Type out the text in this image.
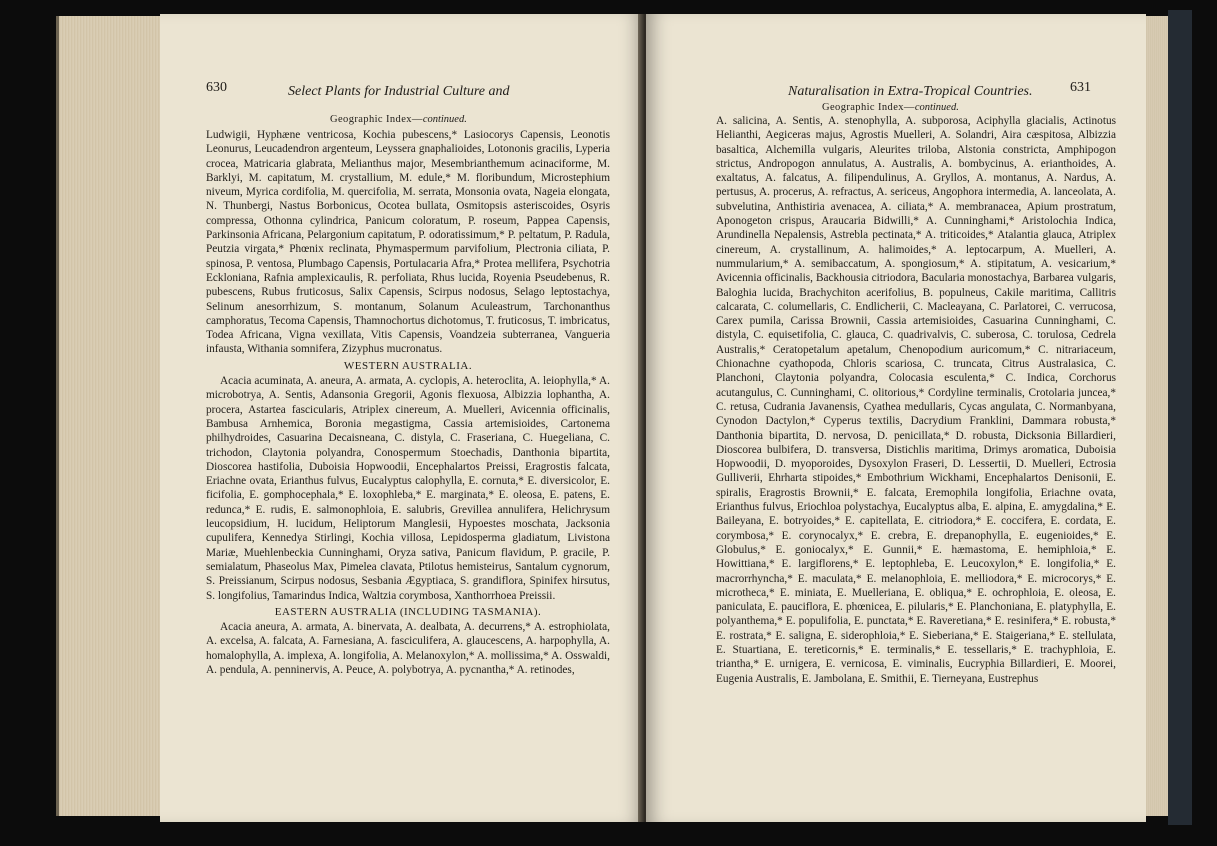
630	Select Plants for Industrial Culture and
Geographic Index—continued.

Ludwigii, Hyphæne ventricosa, Kochia pubescens,* Lasiocorys Capensis, Leonotis Leonurus, Leucadendron argenteum, Leyssera gnaphalioides, Lotononis gracilis, Lyperia crocea, Matricaria glabrata, Melianthus major, Mesembrianthemum acinaciforme, M. Barklyi, M. capitatum, M. crystallium, M. edule,* M. floribundum, Microstephium niveum, Myrica cordifolia, M. quercifolia, M. serrata, Monsonia ovata, Nageia elongata, N. Thunbergi, Nastus Borbonicus, Ocotea bullata, Osmitopsis asteriscoides, Osyris compressa, Othonna cylindrica, Panicum coloratum, P. roseum, Pappea Capensis, Parkinsonia Africana, Pelargonium capitatum, P. odoratissimum,* P. peltatum, P. Radula, Peutzia virgata,* Phœnix reclinata, Phymaspermum parvifolium, Plectronia ciliata, P. spinosa, P. ventosa, Plumbago Capensis, Portulacaria Afra,* Protea mellifera, Psychotria Eckloniana, Rafnia amplexicaulis, R. perfoliata, Rhus lucida, Royenia Pseudebenus, R. pubescens, Rubus fruticosus, Salix Capensis, Scirpus nodosus, Selago leptostachya, Selinum anesorrhizum, S. montanum, Solanum Aculeastrum, Tarchonanthus camphoratus, Tecoma Capensis, Thamnochortus dichotomus, T. fruticosus, T. imbricatus, Todea Africana, Vigna vexillata, Vitis Capensis, Voandzeia subterranea, Vangueria infausta, Withania somnifera, Zizyphus mucronatus.

WESTERN AUSTRALIA.

Acacia acuminata, A. aneura, A. armata, A. cyclopis, A. heteroclita, A. leiophylla,* A. microbotrya, A. Sentis, Adansonia Gregorii, Agonis flexuosa, Albizzia lophantha, A. procera, Astartea fascicularis, Atriplex cinereum, A. Muelleri, Avicennia officinalis, Bambusa Arnhemica, Boronia megastigma, Cassia artemisioides, Cartonema philhydroides, Casuarina Decaisneana, C. distyla, C. Fraseriana, C. Huegeliana, C. trichodon, Claytonia polyandra, Conospermum Stoechadis, Danthonia bipartita, Dioscorea hastifolia, Duboisia Hopwoodii, Encephalartos Preissi, Eragrostis falcata, Eriachne ovata, Erianthus fulvus, Eucalyptus calophylla, E. cornuta,* E. diversicolor, E. ficifolia, E. gomphocephala,* E. loxophleba,* E. marginata,* E. oleosa, E. patens, E. redunca,* E. rudis, E. salmonophloia, E. salubris, Grevillea annulifera, Helichrysum leucopsidium, H. lucidum, Heliptorum Manglesii, Hypoestes moschata, Jacksonia cupulifera, Kennedya Stirlingi, Kochia villosa, Lepidosperma gladiatum, Livistona Mariæ, Muehlenbeckia Cunninghami, Oryza sativa, Panicum flavidum, P. gracile, P. semialatum, Phaseolus Max, Pimelea clavata, Ptilotus hemisteirus, Santalum cygnorum, S. Preissianum, Scirpus nodosus, Sesbania Ægyptiaca, S. grandiflora, Spinifex hirsutus, S. longifolius, Tamarindus Indica, Waltzia corymbosa, Xanthorrhoea Preissii.

EASTERN AUSTRALIA (INCLUDING TASMANIA).

Acacia aneura, A. armata, A. binervata, A. dealbata, A. decurrens,* A. estrophiolata, A. excelsa, A. falcata, A. Farnesiana, A. fasciculifera, A. glaucescens, A. harpophylla, A. homalophylla, A. implexa, A. longifolia, A. Melanoxylon,* A. mollissima,* A. Osswaldi, A. pendula, A. penninervis, A. Peuce, A. polybotrya, A. pycnantha,* A. retinodes,

Naturalisation in Extra-Tropical Countries.	631
Geographic Index—continued.

A. salicina, A. Sentis, A. stenophylla, A. subporosa, Aciphylla glacialis, Actinotus Helianthi, Aegiceras majus, Agrostis Muelleri, A. Solandri, Aira cæspitosa, Albizzia basaltica, Alchemilla vulgaris, Aleurites triloba, Alstonia constricta, Amphipogon strictus, Andropogon annulatus, A. Australis, A. bombycinus, A. erianthoides, A. exaltatus, A. falcatus, A. filipendulinus, A. Gryllos, A. montanus, A. Nardus, A. pertusus, A. procerus, A. refractus, A. sericeus, Angophora intermedia, A. lanceolata, A. subvelutina, Anthistiria avenacea, A. ciliata,* A. membranacea, Apium prostratum, Aponogeton crispus, Araucaria Bidwilli,* A. Cunninghami,* Aristolochia Indica, Arundinella Nepalensis, Astrebla pectinata,* A. triticoides,* Atalantia glauca, Atriplex cinereum, A. crystallinum, A. halimoides,* A. leptocarpum, A. Muelleri, A. nummularium,* A. semibaccatum, A. spongiosum,* A. stipitatum, A. vesicarium,* Avicennia officinalis, Backhousia citriodora, Bacularia monostachya, Barbarea vulgaris, Baloghia lucida, Brachychiton acerifolius, B. populneus, Cakile maritima, Callitris calcarata, C. columellaris, C. Endlicherii, C. Macleayana, C. Parlatorei, C. verrucosa, Carex pumila, Carissa Brownii, Cassia artemisioides, Casuarina Cunninghami, C. distyla, C. equisetifolia, C. glauca, C. quadrivalvis, C. suberosa, C. torulosa, Cedrela Australis,* Ceratopetalum apetalum, Chenopodium auricomum,* C. nitrariaceum, Chionachne cyathopoda, Chloris scariosa, C. truncata, Citrus Australasica, C. Planchoni, Claytonia polyandra, Colocasia esculenta,* C. Indica, Corchorus acutangulus, C. Cunninghami, C. olitorious,* Cordyline terminalis, Crotolaria juncea,* C. retusa, Cudrania Javanensis, Cyathea medullaris, Cycas angulata, C. Normanbyana, Cynodon Dactylon,* Cyperus textilis, Dacrydium Franklini, Dammara robusta,* Danthonia bipartita, D. nervosa, D. penicillata,* D. robusta, Dicksonia Billardieri, Dioscorea bulbifera, D. transversa, Distichlis maritima, Drimys aromatica, Duboisia Hopwoodii, D. myoporoides, Dysoxylon Fraseri, D. Lessertii, D. Muelleri, Ectrosia Gulliverii, Ehrharta stipoides,* Embothrium Wickhami, Encephalartos Denisonii, E. spiralis, Eragrostis Brownii,* E. falcata, Eremophila longifolia, Eriachne ovata, Erianthus fulvus, Eriochloa polystachya, Eucalyptus alba, E. alpina, E. amygdalina,* E. Baileyana, E. botryoides,* E. capitellata, E. citriodora,* E. coccifera, E. cordata, E. corymbosa,* E. corynocalyx,* E. crebra, E. drepanophylla, E. eugenioides,* E. Globulus,* E. goniocalyx,* E. Gunnii,* E. hæmastoma, E. hemiphloia,* E. Howittiana,* E. largiflorens,* E. leptophleba, E. Leucoxylon,* E. longifolia,* E. macrorrhyncha,* E. maculata,* E. melanophloia, E. melliodora,* E. microcorys,* E. microtheca,* E. miniata, E. Muelleriana, E. obliqua,* E. ochrophloia, E. oleosa, E. paniculata, E. pauciflora, E. phœnicea, E. pilularis,* E. Planchoniana, E. platyphylla, E. polyanthema,* E. populifolia, E. punctata,* E. Raveretiana,* E. resinifera,* E. robusta,* E. rostrata,* E. saligna, E. siderophloia,* E. Sieberiana,* E. Staigeriana,* E. stellulata, E. Stuartiana, E. tereticornis,* E. terminalis,* E. tessellaris,* E. trachyphloia, E. triantha,* E. urnigera, E. vernicosa, E. viminalis, Eucryphia Billardieri, E. Moorei, Eugenia Australis, E. Jambolana, E. Smithii, E. Tierneyana, Eustrephus
